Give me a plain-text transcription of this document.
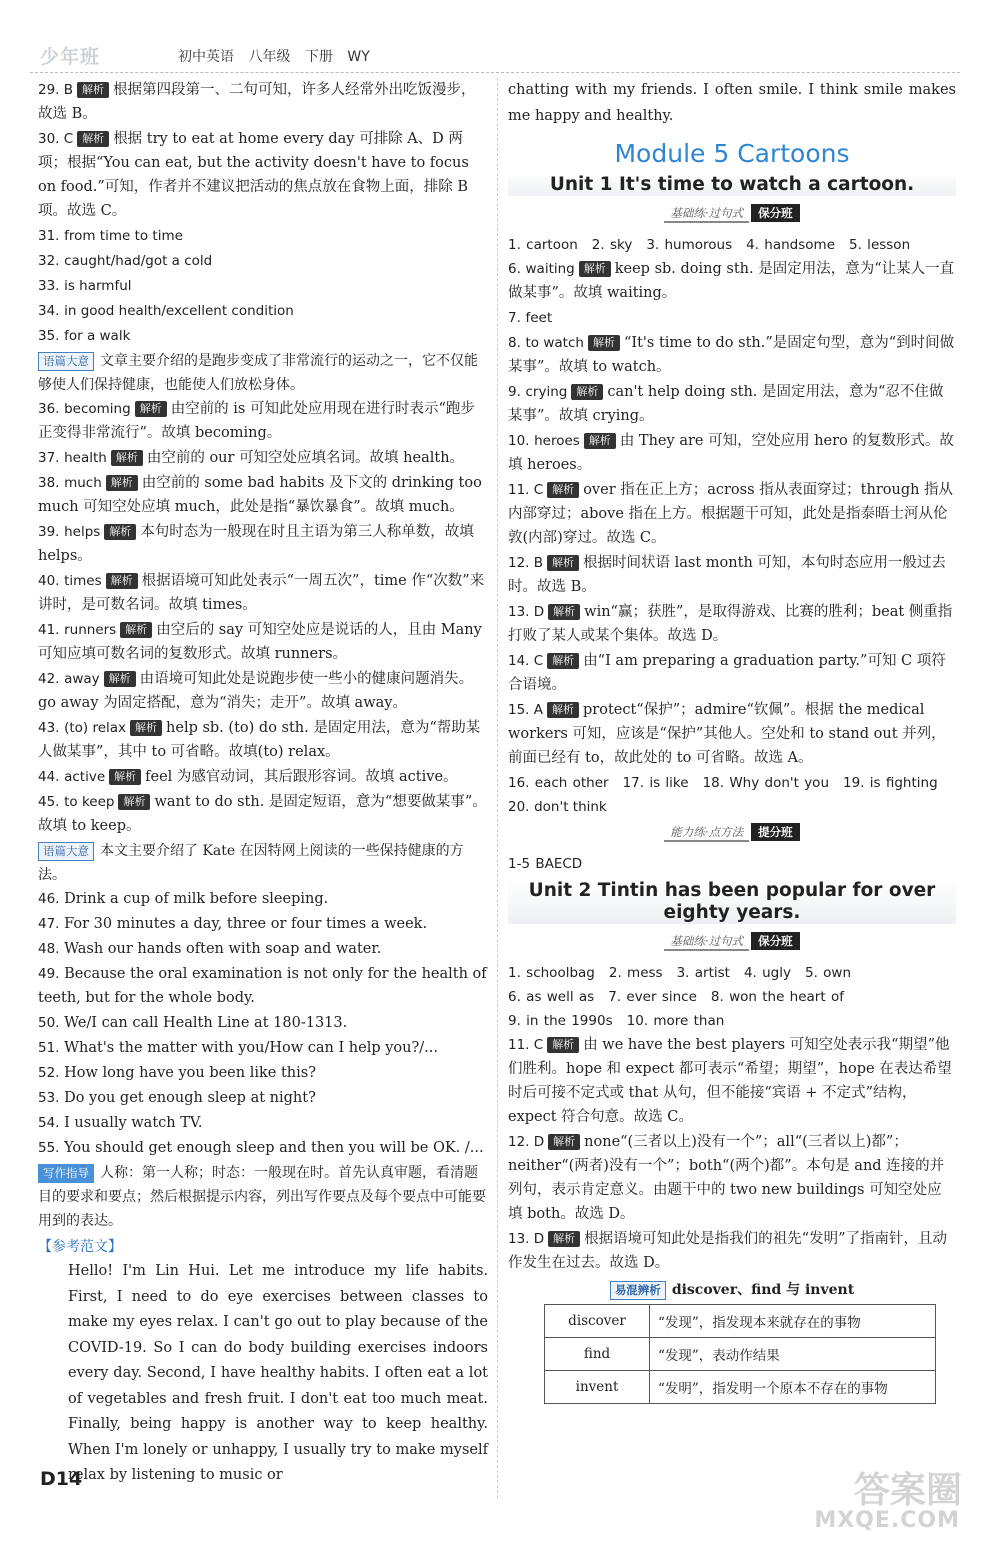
少年班	初中英语 八年级 下册 WY
29. B 解析 根据第四段第一、二句可知，许多人经常外出吃饭漫步，故选 B。
30. C 解析 根据 try to eat at home every day 可排除 A、D 两项；根据“You can eat, but the activity doesn't have to focus on food.”可知，作者并不建议把活动的焦点放在食物上面，排除 B 项。故选 C。
31. from time to time
32. caught/had/got a cold
33. is harmful
34. in good health/excellent condition
35. for a walk
语篇大意 文章主要介绍的是跑步变成了非常流行的运动之一，它不仅能够使人们保持健康，也能使人们放松身体。
36. becoming 解析 由空前的 is 可知此处应用现在进行时表示“跑步正变得非常流行”。故填 becoming。
37. health 解析 由空前的 our 可知空处应填名词。故填 health。
38. much 解析 由空前的 some bad habits 及下文的 drinking too much 可知空处应填 much，此处是指“暴饮暴食”。故填 much。
39. helps 解析 本句时态为一般现在时且主语为第三人称单数，故填 helps。
40. times 解析 根据语境可知此处表示“一周五次”，time 作“次数”来讲时，是可数名词。故填 times。
41. runners 解析 由空后的 say 可知空处应是说话的人，且由 Many 可知应填可数名词的复数形式。故填 runners。
42. away 解析 由语境可知此处是说跑步使一些小的健康问题消失。go away 为固定搭配，意为“消失；走开”。故填 away。
43. (to) relax 解析 help sb. (to) do sth. 是固定用法，意为“帮助某人做某事”，其中 to 可省略。故填(to) relax。
44. active 解析 feel 为感官动词，其后跟形容词。故填 active。
45. to keep 解析 want to do sth. 是固定短语，意为“想要做某事”。故填 to keep。
语篇大意 本文主要介绍了 Kate 在因特网上阅读的一些保持健康的方法。
46. Drink a cup of milk before sleeping.
47. For 30 minutes a day, three or four times a week.
48. Wash our hands often with soap and water.
49. Because the oral examination is not only for the health of teeth, but for the whole body.
50. We/I can call Health Line at 180-1313.
51. What's the matter with you/How can I help you?/...
52. How long have you been like this?
53. Do you get enough sleep at night?
54. I usually watch TV.
55. You should get enough sleep and then you will be OK. /...
写作指导 人称：第一人称；时态：一般现在时。首先认真审题，看清题目的要求和要点；然后根据提示内容，列出写作要点及每个要点中可能要用到的表达。
【参考范文】
Hello! I'm Lin Hui. Let me introduce my life habits. First, I need to do eye exercises between classes to make my eyes relax. I can't go out to play because of the COVID-19. So I can do body building exercises indoors every day. Second, I have healthy habits. I often eat a lot of vegetables and fresh fruit. I don't eat too much meat. Finally, being happy is another way to keep healthy. When I'm lonely or unhappy, I usually try to make myself relax by listening to music or
chatting with my friends. I often smile. I think smile makes me happy and healthy.
Module 5 Cartoons
Unit 1 It's time to watch a cartoon.
基础练·过句式 保分班
1. cartoon 2. sky 3. humorous 4. handsome 5. lesson
6. waiting 解析 keep sb. doing sth. 是固定用法，意为“让某人一直做某事”。故填 waiting。
7. feet
8. to watch 解析 “It's time to do sth.”是固定句型，意为“到时间做某事”。故填 to watch。
9. crying 解析 can't help doing sth. 是固定用法，意为“忍不住做某事”。故填 crying。
10. heroes 解析 由 They are 可知，空处应用 hero 的复数形式。故填 heroes。
11. C 解析 over 指在正上方；across 指从表面穿过；through 指从内部穿过；above 指在上方。根据题干可知，此处是指泰晤士河从伦敦(内部)穿过。故选 C。
12. B 解析 根据时间状语 last month 可知，本句时态应用一般过去时。故选 B。
13. D 解析 win“赢；获胜”，是取得游戏、比赛的胜利；beat 侧重指打败了某人或某个集体。故选 D。
14. C 解析 由“I am preparing a graduation party.”可知 C 项符合语境。
15. A 解析 protect“保护”；admire“钦佩”。根据 the medical workers 可知，应该是“保护”其他人。空处和 to stand out 并列，前面已经有 to，故此处的 to 可省略。故选 A。
16. each other 17. is like 18. Why don't you 19. is fighting
20. don't think
能力练·点方法 提分班
1-5 BAECD
Unit 2 Tintin has been popular for over eighty years.
基础练·过句式 保分班
1. schoolbag 2. mess 3. artist 4. ugly 5. own
6. as well as 7. ever since 8. won the heart of
9. in the 1990s 10. more than
11. C 解析 由 we have the best players 可知空处表示我“期望”他们胜利。hope 和 expect 都可表示“希望；期望”，hope 在表达希望时后可接不定式或 that 从句，但不能接“宾语 + 不定式”结构，expect 符合句意。故选 C。
12. D 解析 none“(三者以上)没有一个”；all“(三者以上)都”；neither“(两者)没有一个”；both“(两个)都”。本句是 and 连接的并列句，表示肯定意义。由题干中的 two new buildings 可知空处应填 both。故选 D。
13. D 解析 根据语境可知此处是指我们的祖先“发明”了指南针，且动作发生在过去。故选 D。
易混辨析 discover、find 与 invent
discover	“发现”，指发现本来就存在的事物
find	“发现”，表动作结果
invent	“发明”，指发明一个原本不存在的事物
D14	答案圈
MXQE.COM
